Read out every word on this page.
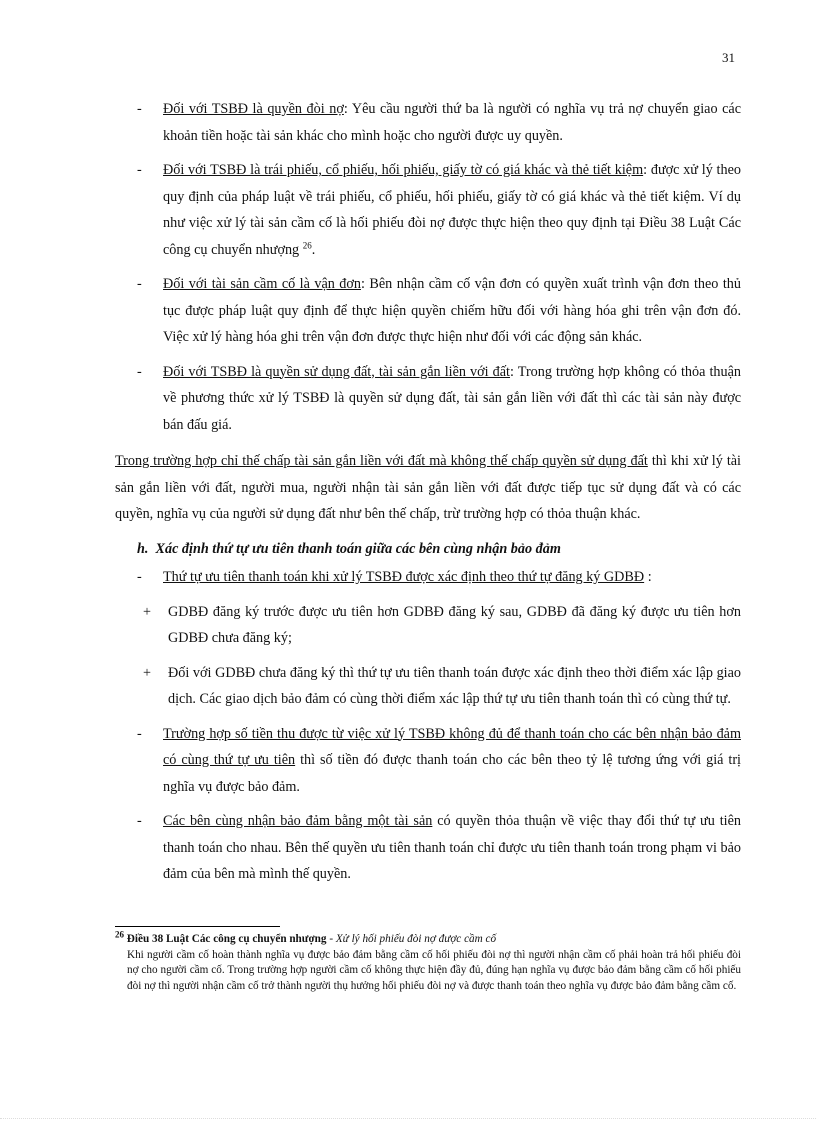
31
- Đối với TSBĐ là quyền đòi nợ: Yêu cầu người thứ ba là người có nghĩa vụ trả nợ chuyển giao các khoản tiền hoặc tài sản khác cho mình hoặc cho người được uy quyền.
- Đối với TSBĐ là trái phiếu, cổ phiếu, hối phiếu, giấy tờ có giá khác và thẻ tiết kiệm: được xử lý theo quy định của pháp luật về trái phiếu, cổ phiếu, hối phiếu, giấy tờ có giá khác và thẻ tiết kiệm. Ví dụ như việc xử lý tài sản cầm cố là hối phiếu đòi nợ được thực hiện theo quy định tại Điều 38 Luật Các công cụ chuyển nhượng $^{26}$.
- Đối với tài sản cầm cố là vận đơn: Bên nhận cầm cố vận đơn có quyền xuất trình vận đơn theo thủ tục được pháp luật quy định để thực hiện quyền chiếm hữu đối với hàng hóa ghi trên vận đơn đó. Việc xử lý hàng hóa ghi trên vận đơn được thực hiện như đối với các động sản khác.
- Đối với TSBĐ là quyền sử dụng đất, tài sản gắn liền với đất: Trong trường hợp không có thỏa thuận về phương thức xử lý TSBĐ là quyền sử dụng đất, tài sản gắn liền với đất thì các tài sản này được bán đấu giá.
Trong trường hợp chỉ thế chấp tài sản gắn liền với đất mà không thế chấp quyền sử dụng đất thì khi xử lý tài sản gắn liền với đất, người mua, người nhận tài sản gắn liền với đất được tiếp tục sử dụng đất và có các quyền, nghĩa vụ của người sử dụng đất như bên thế chấp, trừ trường hợp có thỏa thuận khác.
h. Xác định thứ tự ưu tiên thanh toán giữa các bên cùng nhận bảo đảm
- Thứ tự ưu tiên thanh toán khi xử lý TSBĐ được xác định theo thứ tự đăng ký GDBĐ :
+ GDBĐ đăng ký trước được ưu tiên hơn GDBĐ đăng ký sau, GDBĐ đã đăng ký được ưu tiên hơn GDBĐ chưa đăng ký;
+ Đối với GDBĐ chưa đăng ký thì thứ tự ưu tiên thanh toán được xác định theo thời điểm xác lập giao dịch. Các giao dịch bảo đảm có cùng thời điểm xác lập thứ tự ưu tiên thanh toán thì có cùng thứ tự.
- Trường hợp số tiền thu được từ việc xử lý TSBĐ không đủ để thanh toán cho các bên nhận bảo đảm có cùng thứ tự ưu tiên thì số tiền đó được thanh toán cho các bên theo tỷ lệ tương ứng với giá trị nghĩa vụ được bảo đảm.
- Các bên cùng nhận bảo đảm bằng một tài sản có quyền thỏa thuận về việc thay đổi thứ tự ưu tiên thanh toán cho nhau. Bên thế quyền ưu tiên thanh toán chỉ được ưu tiên thanh toán trong phạm vi bảo đảm của bên mà mình thế quyền.
$^{26}$ Điều 38 Luật Các công cụ chuyển nhượng - Xử lý hối phiếu đòi nợ được cầm cố
Khi người cầm cố hoàn thành nghĩa vụ được bảo đảm bằng cầm cố hối phiếu đòi nợ thì người nhận cầm cố phải hoàn trả hối phiếu đòi nợ cho người cầm cố. Trong trường hợp người cầm cố không thực hiện đầy đủ, đúng hạn nghĩa vụ được bảo đảm bằng cầm cố hối phiếu đòi nợ thì người nhận cầm cố trở thành người thụ hưởng hối phiếu đòi nợ và được thanh toán theo nghĩa vụ được bảo đảm bằng cầm cố.
